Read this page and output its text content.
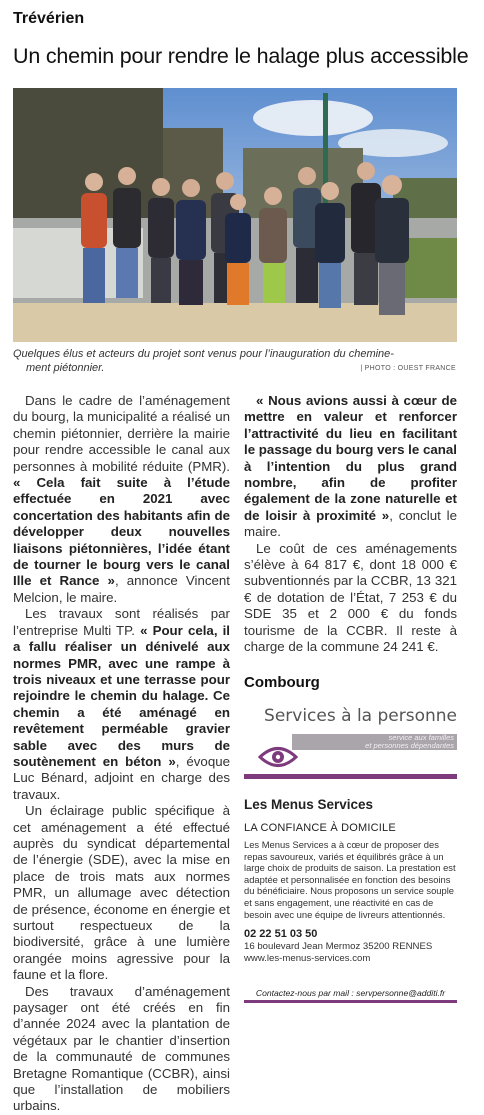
Trévérien
Un chemin pour rendre le halage plus accessible
Quelques élus et acteurs du projet sont venus pour l’inauguration du chemine-
ment piétonnier.	| PHOTO : OUEST FRANCE

Dans le cadre de l’aménagement du bourg, la municipalité a réalisé un chemin piétonnier, derrière la mairie pour rendre accessible le canal aux personnes à mobilité réduite (PMR). « Cela fait suite à l’étude effectuée en 2021 avec concertation des habitants afin de développer deux nouvelles liaisons piétonnières, l’idée étant de tourner le bourg vers le canal Ille et Rance », annonce Vincent Melcion, le maire.

Les travaux sont réalisés par l’entreprise Multi TP. « Pour cela, il a fallu réaliser un dénivelé aux normes PMR, avec une rampe à trois niveaux et une terrasse pour rejoindre le chemin du halage. Ce chemin a été aménagé en revêtement perméable gravier sable avec des murs de soutènement en béton », évoque Luc Bénard, adjoint en charge des travaux.

Un éclairage public spécifique à cet aménagement a été effectué auprès du syndicat départemental de l’énergie (SDE), avec la mise en place de trois mats aux normes PMR, un allumage avec détection de présence, économe en énergie et surtout respectueux de la biodiversité, grâce à une lumière orangée moins agressive pour la faune et la flore.

Des travaux d’aménagement paysager ont été créés en fin d’année 2024 avec la plantation de végétaux par le chantier d’insertion de la communauté de communes Bretagne Romantique (CCBR), ainsi que l’installation de mobiliers urbains.

« Nous avions aussi à cœur de mettre en valeur et renforcer l’attractivité du lieu en facilitant le passage du bourg vers le canal à l’intention du plus grand nombre, afin de profiter également de la zone naturelle et de loisir à proximité », conclut le maire.

Le coût de ces aménagements s’élève à 64 817 €, dont 18 000 € subventionnés par la CCBR, 13 321 € de dotation de l’État, 7 253 € du SDE 35 et 2 000 € du fonds tourisme de la CCBR. Il reste à charge de la commune 24 241 €.

Combourg
Services à la personne
service aux familles
et personnes dépendantes
Les Menus Services
LA CONFIANCE À DOMICILE
Les Menus Services a à cœur de proposer des repas savoureux, variés et équilibrés grâce à un large choix de produits de saison. La prestation est adaptée et personnalisée en fonction des besoins du bénéficiaire. Nous proposons un service souple et sans engagement, une réactivité en cas de besoin avec une équipe de livreurs attentionnés.
02 22 51 03 50
16 boulevard Jean Mermoz 35200 RENNES
www.les-menus-services.com
Contactez-nous par mail : servpersonne@additi.fr
